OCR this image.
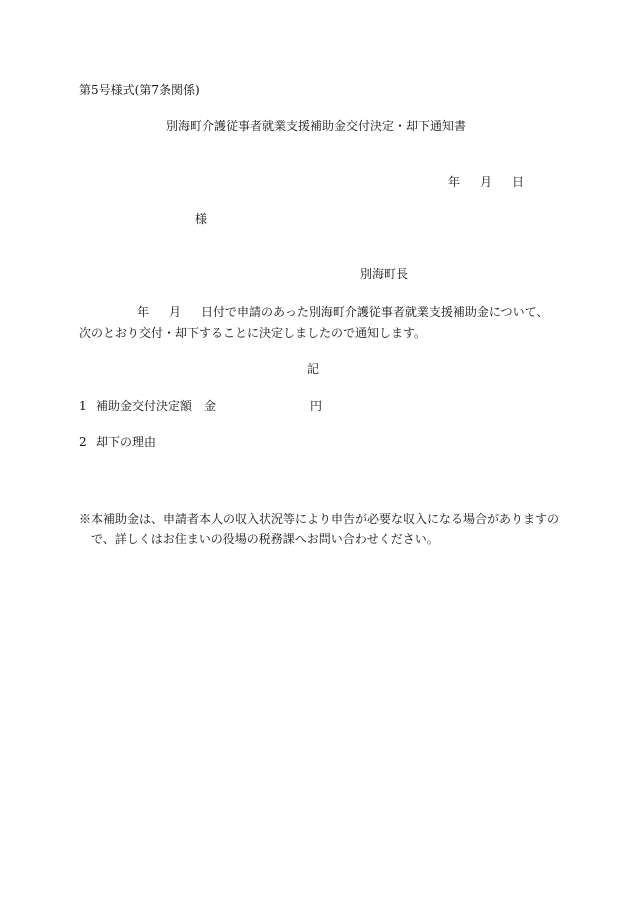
第5号様式(第7条関係)
別海町介護従事者就業支援補助金交付決定・却下通知書
年 月 日
様
別海町長
年 月 日付で申請のあった別海町介護従事者就業支援補助金について、
次のとおり交付・却下することに決定しましたので通知します。
記
1 補助金交付決定額 金	円
2 却下の理由
※本補助金は、申請者本人の収入状況等により申告が必要な収入になる場合がありますの
で、詳しくはお住まいの役場の税務課へお問い合わせください。
